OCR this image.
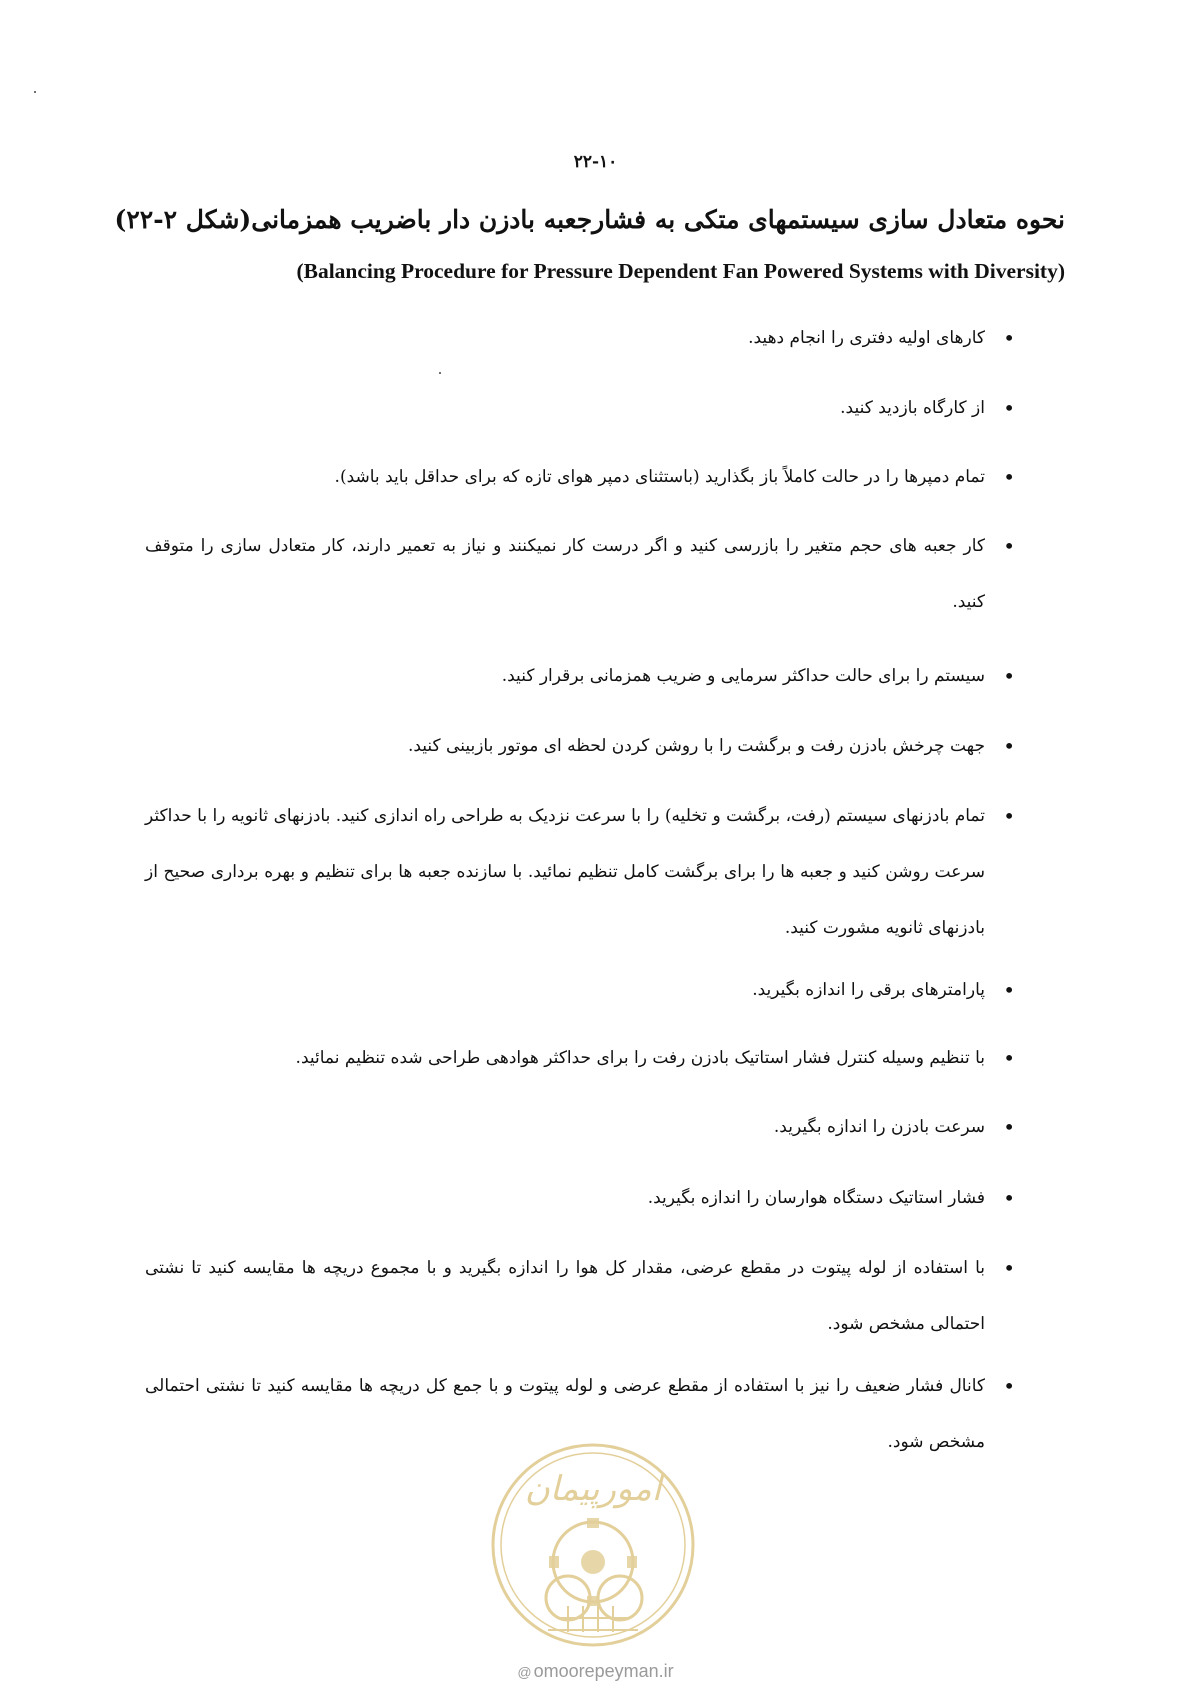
۲۲-۱۰
نحوه متعادل سازی سیستمهای متکی به فشارجعبه بادزن دار باضریب همزمانی(شکل ۲-۲۲)
(Balancing Procedure for Pressure Dependent Fan Powered Systems with Diversity)
•
کارهای اولیه دفتری را انجام دهید.
•
از کارگاه بازدید کنید.
•
تمام دمپرها را در حالت کاملاً باز بگذارید (باستثنای دمپر هوای تازه که برای حداقل باید باشد).
•
کار جعبه های حجم متغیر را بازرسی کنید و اگر درست کار نمیکنند و نیاز به تعمیر دارند، کار متعادل سازی را متوقف کنید.
•
سیستم را برای حالت حداکثر سرمایی و ضریب همزمانی برقرار کنید.
•
جهت چرخش بادزن رفت و برگشت را با روشن کردن لحظه ای موتور بازبینی کنید.
•
تمام بادزنهای سیستم (رفت، برگشت و تخلیه) را با سرعت نزدیک به طراحی راه اندازی کنید. بادزنهای ثانویه را با حداکثر سرعت روشن کنید و جعبه ها را برای برگشت کامل تنظیم نمائید. با سازنده جعبه ها برای تنظیم و بهره برداری صحیح از بادزنهای ثانویه مشورت کنید.
•
پارامترهای برقی را اندازه بگیرید.
•
با تنظیم وسیله کنترل فشار استاتیک بادزن رفت را برای حداکثر هوادهی طراحی شده تنظیم نمائید.
•
سرعت بادزن را اندازه بگیرید.
•
فشار استاتیک دستگاه هوارسان را اندازه بگیرید.
•
با استفاده از لوله پیتوت در مقطع عرضی، مقدار کل هوا را اندازه بگیرید و با مجموع دریچه ها مقایسه کنید تا نشتی احتمالی مشخص شود.
•
کانال فشار ضعیف را نیز با استفاده از مقطع عرضی و لوله پیتوت و با جمع کل دریچه ها مقایسه کنید تا نشتی احتمالی مشخص شود.
امورپیمان
@ omoorepeyman.ir
